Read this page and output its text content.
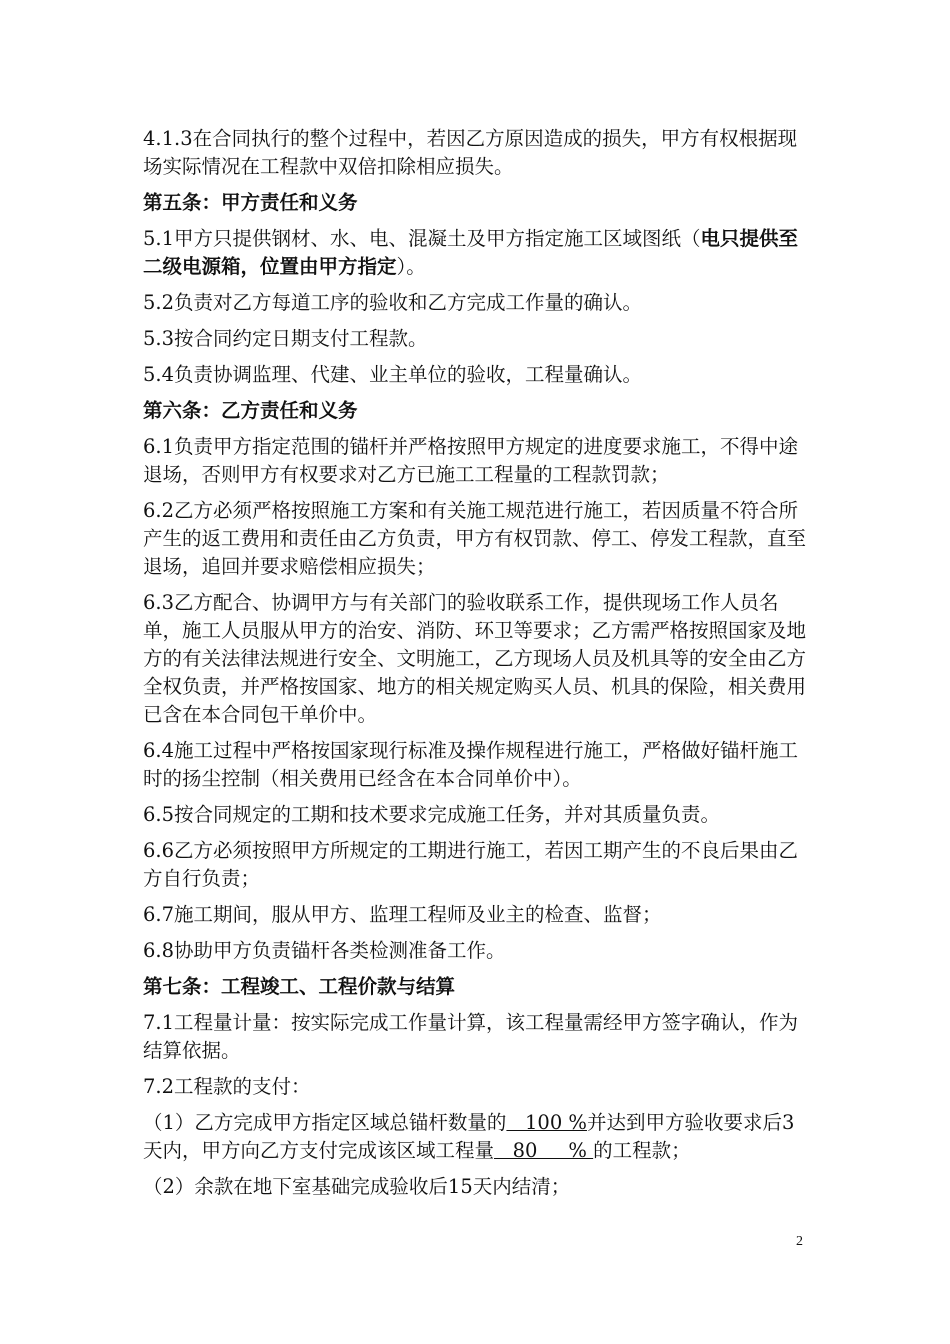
4.1.3在合同执行的整个过程中，若因乙方原因造成的损失，甲方有权根据现场实际情况在工程款中双倍扣除相应损失。

第五条：甲方责任和义务

5.1甲方只提供钢材、水、电、混凝土及甲方指定施工区域图纸（电只提供至二级电源箱，位置由甲方指定）。

5.2负责对乙方每道工序的验收和乙方完成工作量的确认。

5.3按合同约定日期支付工程款。

5.4负责协调监理、代建、业主单位的验收，工程量确认。

第六条：乙方责任和义务

6.1负责甲方指定范围的锚杆并严格按照甲方规定的进度要求施工，不得中途退场，否则甲方有权要求对乙方已施工工程量的工程款罚款；

6.2乙方必须严格按照施工方案和有关施工规范进行施工，若因质量不符合所产生的返工费用和责任由乙方负责，甲方有权罚款、停工、停发工程款，直至退场，追回并要求赔偿相应损失；

6.3乙方配合、协调甲方与有关部门的验收联系工作，提供现场工作人员名单，施工人员服从甲方的治安、消防、环卫等要求；乙方需严格按照国家及地方的有关法律法规进行安全、文明施工，乙方现场人员及机具等的安全由乙方全权负责，并严格按国家、地方的相关规定购买人员、机具的保险，相关费用已含在本合同包干单价中。

6.4施工过程中严格按国家现行标准及操作规程进行施工，严格做好锚杆施工时的扬尘控制（相关费用已经含在本合同单价中）。

6.5按合同规定的工期和技术要求完成施工任务，并对其质量负责。

6.6乙方必须按照甲方所规定的工期进行施工，若因工期产生的不良后果由乙方自行负责；

6.7施工期间，服从甲方、监理工程师及业主的检查、监督；

6.8协助甲方负责锚杆各类检测准备工作。

第七条：工程竣工、工程价款与结算

7.1工程量计量：按实际完成工作量计算，该工程量需经甲方签字确认，作为结算依据。

7.2工程款的支付：

（1）乙方完成甲方指定区域总锚杆数量的   100 %并达到甲方验收要求后3天内，甲方向乙方支付完成该区域工程量   80     % 的工程款；

（2）余款在地下室基础完成验收后15天内结清；

2
